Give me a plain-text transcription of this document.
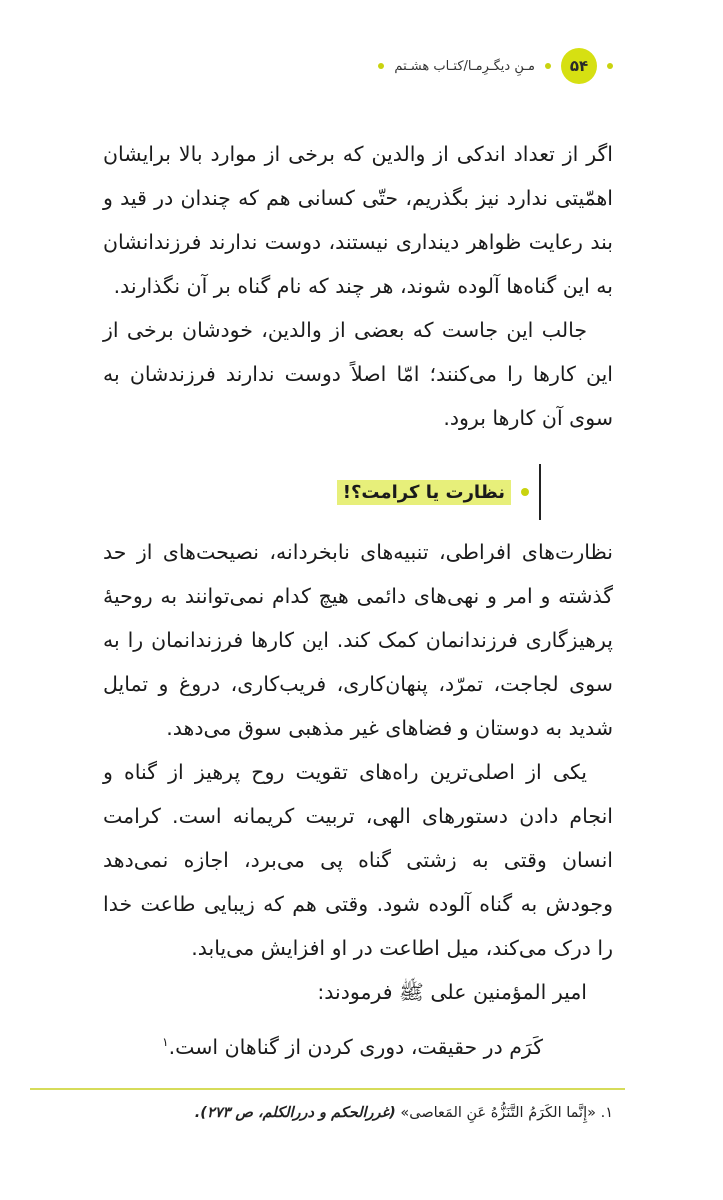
۵۴
مـنِ دیگـرِمـا/کتـاب هشـتم

اگر از تعداد اندکی از والدین که برخی از موارد بالا برایشان اهمّیتی ندارد نیز بگذریم، حتّی کسانی هم که چندان در قید و بند رعایت ظواهر دینداری نیستند، دوست ندارند فرزندانشان به این گناه‌ها آلوده شوند، هر چند که نام گناه بر آن نگذارند.

جالب این جاست که بعضی از والدین، خودشان برخی از این کارها را می‌کنند؛ امّا اصلاً دوست ندارند فرزندشان به سوی آن کارها برود.

نظارت یا کرامت؟!

نظارت‌های افراطی، تنبیه‌های نابخردانه، نصیحت‌های از حد گذشته و امر و نهی‌های دائمی هیچ کدام نمی‌توانند به روحیۀ پرهیزگاری فرزندانمان کمک کند. این کارها فرزندانمان را به سوی لجاجت، تمرّد، پنهان‌کاری، فریب‌کاری، دروغ و تمایل شدید به دوستان و فضاهای غیر مذهبی سوق می‌دهد.

یکی از اصلی‌ترین راه‌های تقویت روح پرهیز از گناه و انجام دادن دستورهای الهی، تربیت کریمانه است. کرامت انسان وقتی به زشتی گناه پی می‌برد، اجازه نمی‌دهد وجودش به گناه آلوده شود. وقتی هم که زیبایی طاعت خدا را درک می‌کند، میل اطاعت در او افزایش می‌یابد.

امیر المؤمنین علی ﷺ فرمودند:

کَرَم در حقیقت، دوری کردن از گناهان است.$^۱$

۱. «إِنَّما الکَرَمُ التَّنَزُّهُ عَنِ المَعاصی» (غررالحکم و دررالکلم، ص ۲۷۳).
